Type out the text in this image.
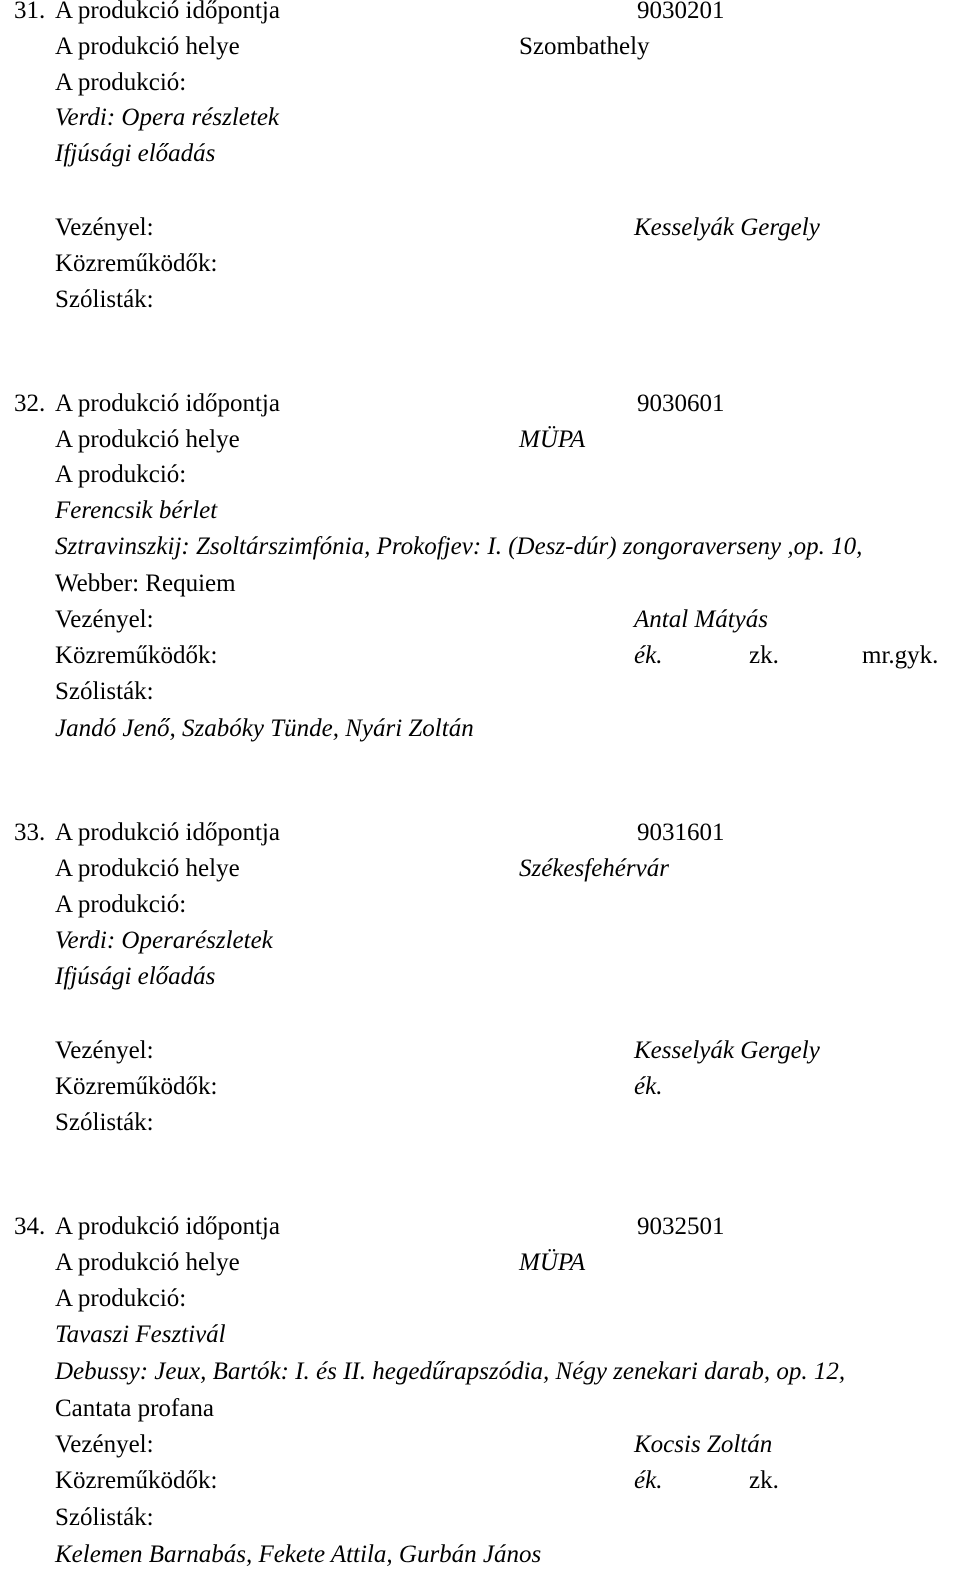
31. A produkció időpontja	9030201
A produkció helye	Szombathely
A produkció:
Verdi: Opera részletek
Ifjúsági előadás
Vezényel:	Kesselyák Gergely
Közreműködők:
Szólisták:
32. A produkció időpontja	9030601
A produkció helye	MÜPA
A produkció:
Ferencsik bérlet
Sztravinszkij: Zsoltárszimfónia, Prokofjev: I. (Desz-dúr) zongoraverseny ,op. 10,
Webber: Requiem
Vezényel:	Antal Mátyás
Közreműködők:	ék.	zk.	mr.gyk.
Szólisták:
Jandó Jenő, Szabóky Tünde, Nyári Zoltán
33. A produkció időpontja	9031601
A produkció helye	Székesfehérvár
A produkció:
Verdi: Operarészletek
Ifjúsági előadás
Vezényel:	Kesselyák Gergely
Közreműködők:	ék.
Szólisták:
34. A produkció időpontja	9032501
A produkció helye	MÜPA
A produkció:
Tavaszi Fesztivál
Debussy: Jeux, Bartók: I. és II. hegedűrapszódia, Négy zenekari darab, op. 12,
Cantata profana
Vezényel:	Kocsis Zoltán
Közreműködők:	ék.	zk.
Szólisták:
Kelemen Barnabás, Fekete Attila, Gurbán János
